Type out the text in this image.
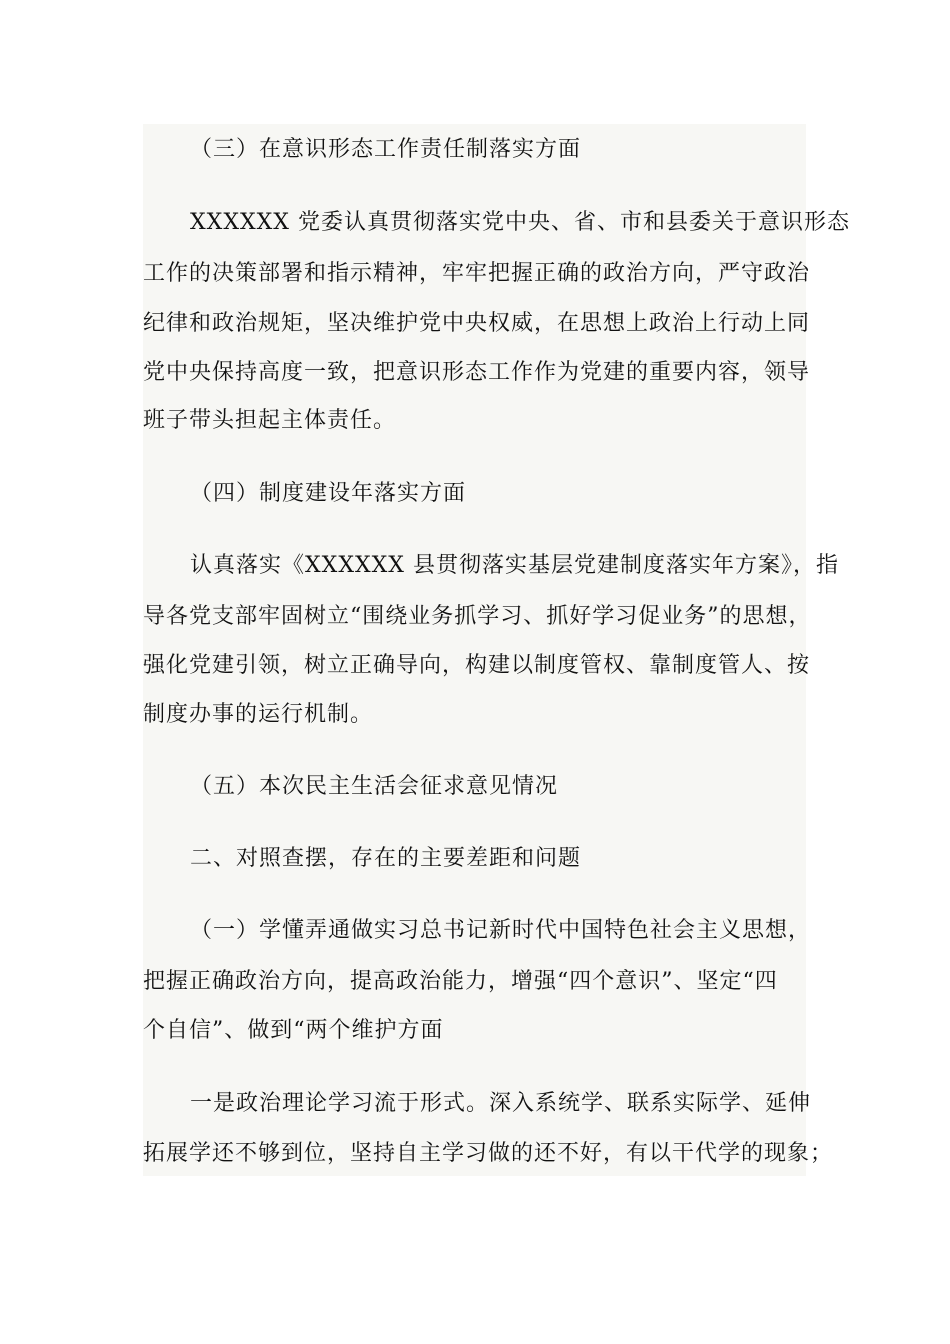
（三）在意识形态工作责任制落实方面
XXXXXX 党委认真贯彻落实党中央、省、市和县委关于意识形态
工作的决策部署和指示精神，牢牢把握正确的政治方向，严守政治
纪律和政治规矩，坚决维护党中央权威，在思想上政治上行动上同
党中央保持高度一致，把意识形态工作作为党建的重要内容，领导
班子带头担起主体责任。
（四）制度建设年落实方面
认真落实《XXXXXX 县贯彻落实基层党建制度落实年方案》，指
导各党支部牢固树立“围绕业务抓学习、抓好学习促业务”的思想，
强化党建引领，树立正确导向，构建以制度管权、靠制度管人、按
制度办事的运行机制。
（五）本次民主生活会征求意见情况
二、对照查摆，存在的主要差距和问题
（一）学懂弄通做实习总书记新时代中国特色社会主义思想，
把握正确政治方向，提高政治能力，增强“四个意识”、坚定“四
个自信”、做到“两个维护方面
一是政治理论学习流于形式。深入系统学、联系实际学、延伸
拓展学还不够到位，坚持自主学习做的还不好，有以干代学的现象；
